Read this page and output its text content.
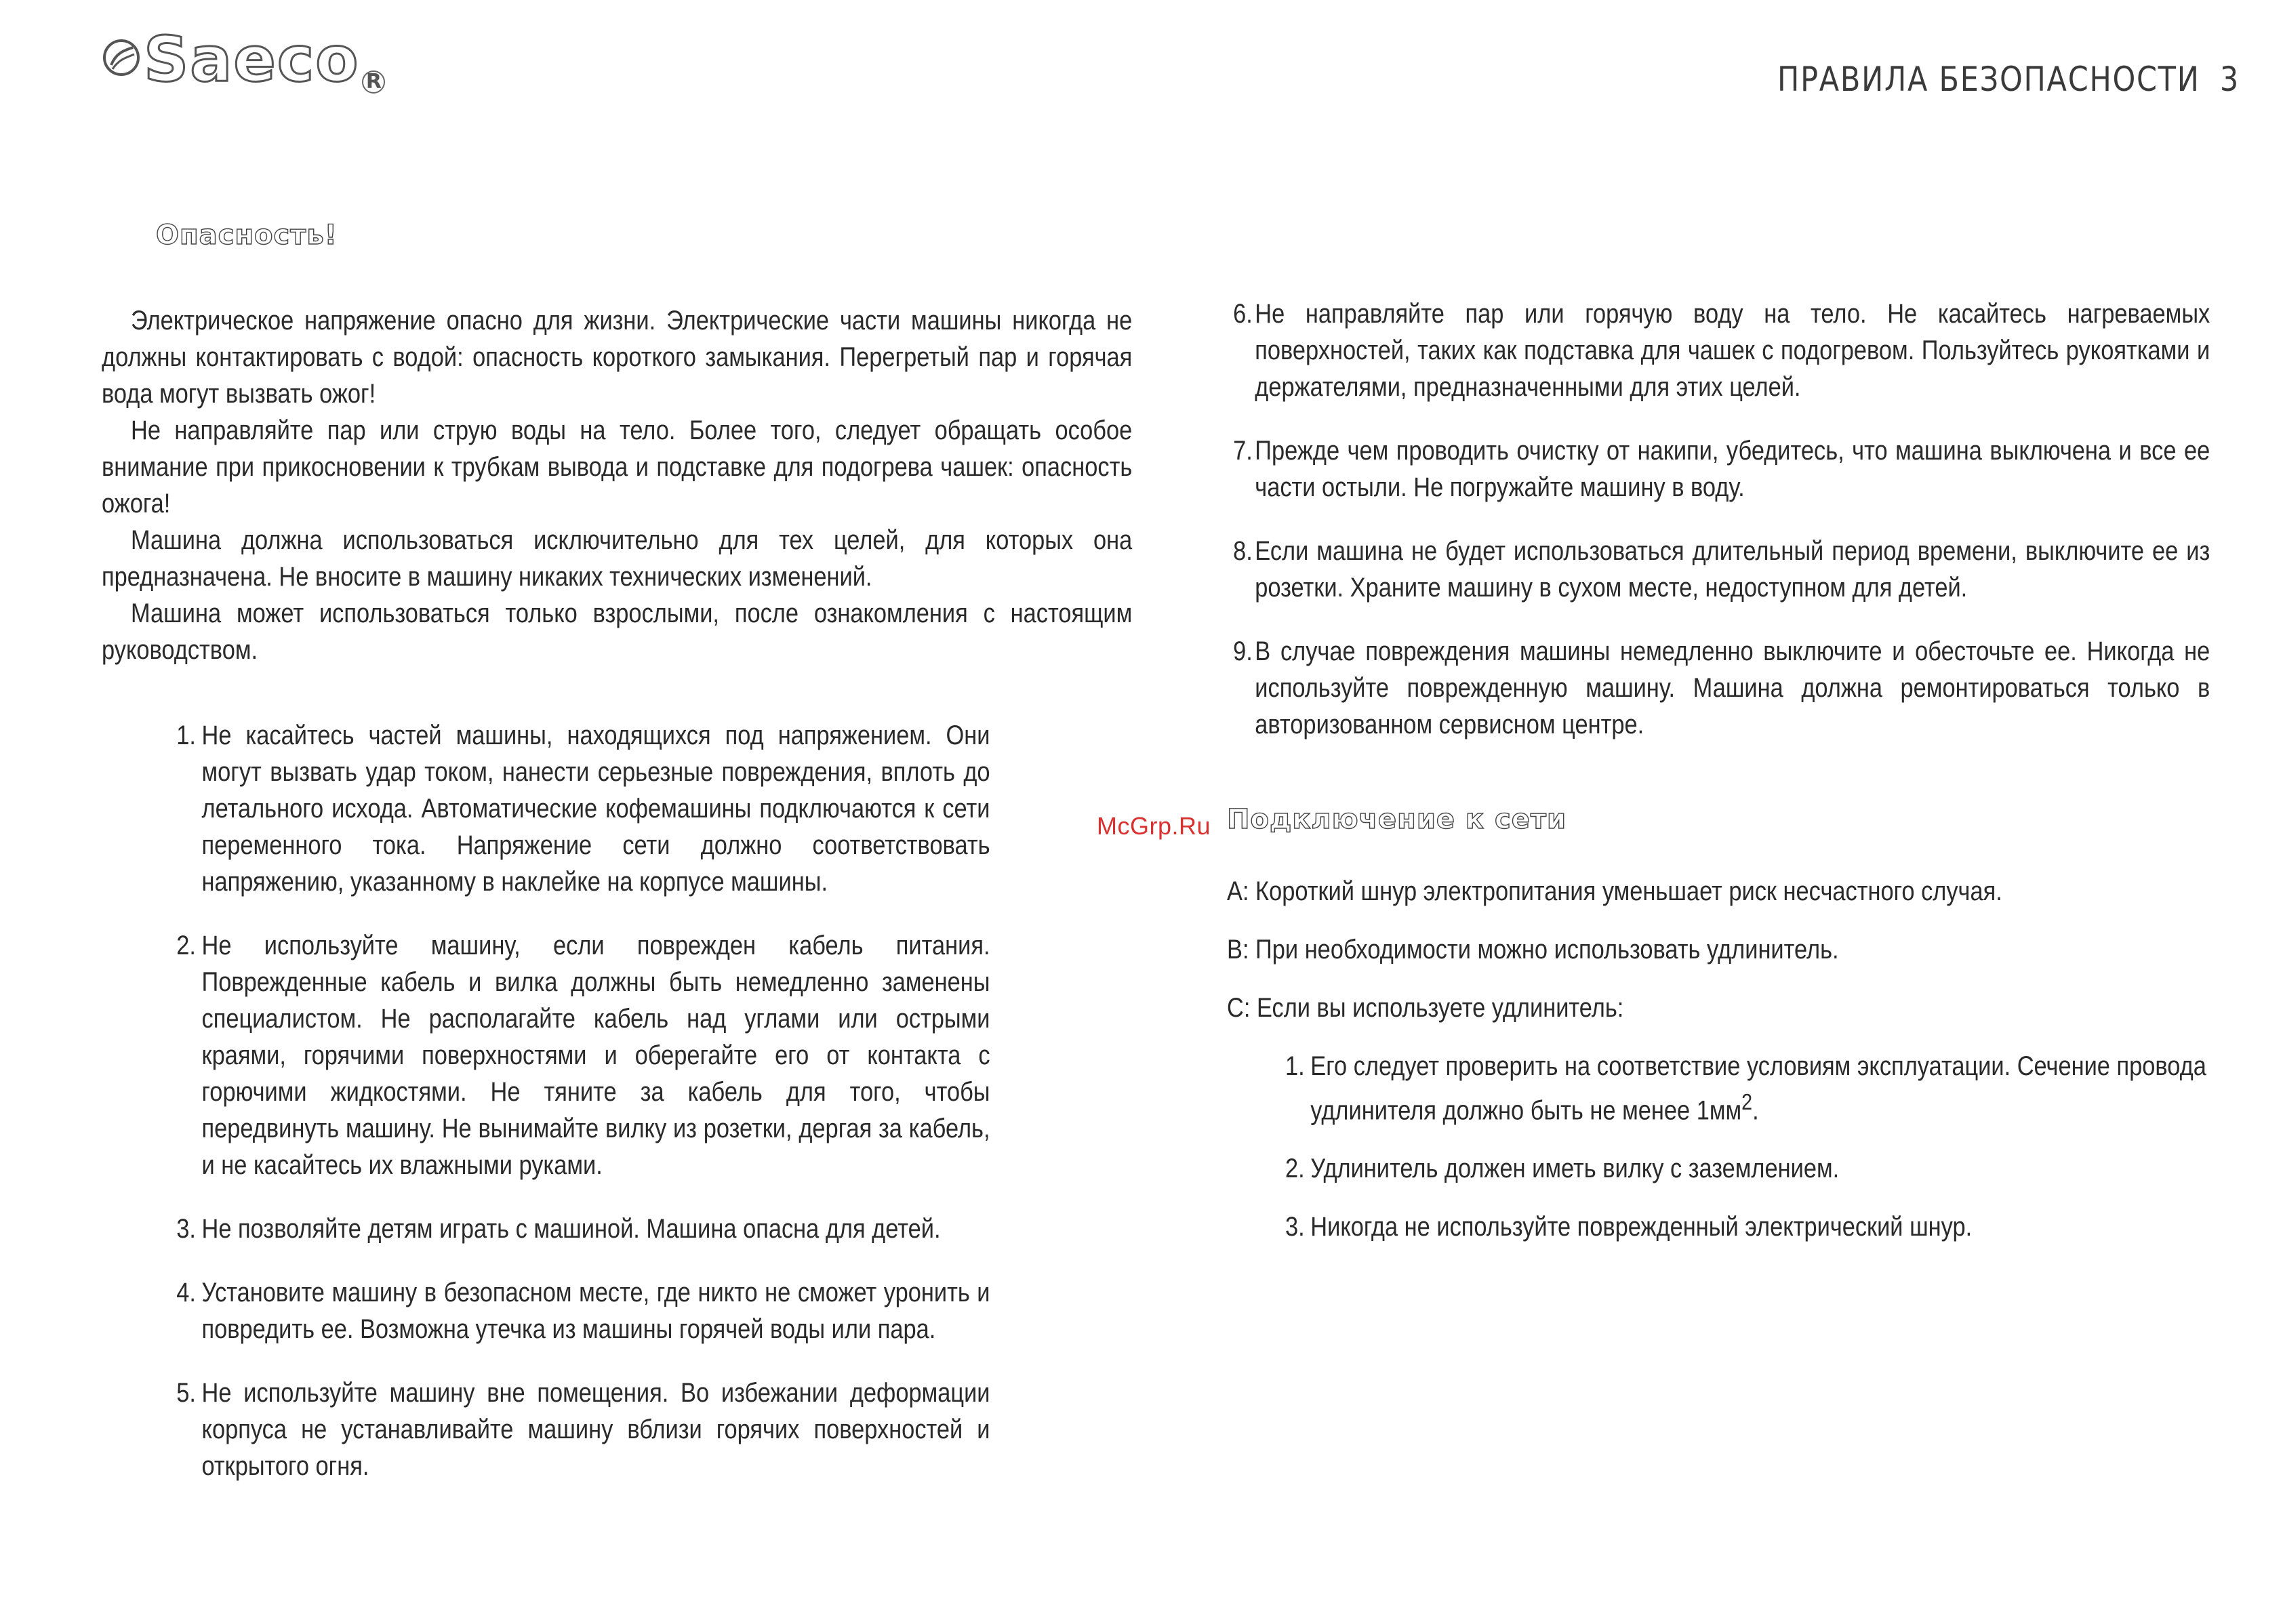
Saeco R	ПРАВИЛА БЕЗОПАСНОСТИ 3
Опасность!

Электрическое напряжение опасно для жизни. Электрические части машины никогда не должны контактировать с водой: опасность короткого замыкания. Перегретый пар и горячая вода могут вызвать ожог!

Не направляйте пар или струю воды на тело. Более того, следует обращать особое внимание при прикосновении к трубкам вывода и подставке для подогрева чашек: опасность ожога!

Машина должна использоваться исключительно для тех целей, для которых она предназначена. Не вносите в машину никаких технических изменений.

Машина может использоваться только взрослыми, после ознакомления с настоящим руководством.

1. Не касайтесь частей машины, находящихся под напряжением. Они могут вызвать удар током, нанести серьезные повреждения, вплоть до летального исхода. Автоматические кофемашины подключаются к сети переменного тока. Напряжение сети должно соответствовать напряжению, указанному в наклейке на корпусе машины.
2. Не используйте машину, если поврежден кабель питания. Поврежденные кабель и вилка должны быть немедленно заменены специалистом. Не располагайте кабель над углами или острыми краями, горячими поверхностями и оберегайте его от контакта с горючими жидкостями. Не тяните за кабель для того, чтобы передвинуть машину. Не вынимайте вилку из розетки, дергая за кабель, и не касайтесь их влажными руками.
3. Не позволяйте детям играть с машиной. Машина опасна для детей.
4. Установите машину в безопасном месте, где никто не сможет уронить и повредить ее. Возможна утечка из машины горячей воды или пара.
5. Не используйте машину вне помещения. Во избежании деформации корпуса не устанавливайте машину вблизи горячих поверхностей и открытого огня.
6. Не направляйте пар или горячую воду на тело. Не касайтесь нагреваемых поверхностей, таких как подставка для чашек с подогревом. Пользуйтесь рукоятками и держателями, предназначенными для этих целей.
7. Прежде чем проводить очистку от накипи, убедитесь, что машина выключена и все ее части остыли. Не погружайте машину в воду.
8. Если машина не будет использоваться длительный период времени, выключите ее из розетки. Храните машину в сухом месте, недоступном для детей.
9. В случае повреждения машины немедленно выключите и обесточьте ее. Никогда не используйте поврежденную машину. Машина должна ремонтироваться только в авторизованном сервисном центре.
Подключение к сети

A: Короткий шнур электропитания уменьшает риск несчастного случая.

B: При необходимости можно использовать удлинитель.

C: Если вы используете удлинитель:

1. Его следует проверить на соответствие условиям эксплуатации. Сечение провода удлинителя должно быть не менее $1мм^2$.
2. Удлинитель должен иметь вилку с заземлением.
3. Никогда не используйте поврежденный электрический шнур.
McGrp.Ru
